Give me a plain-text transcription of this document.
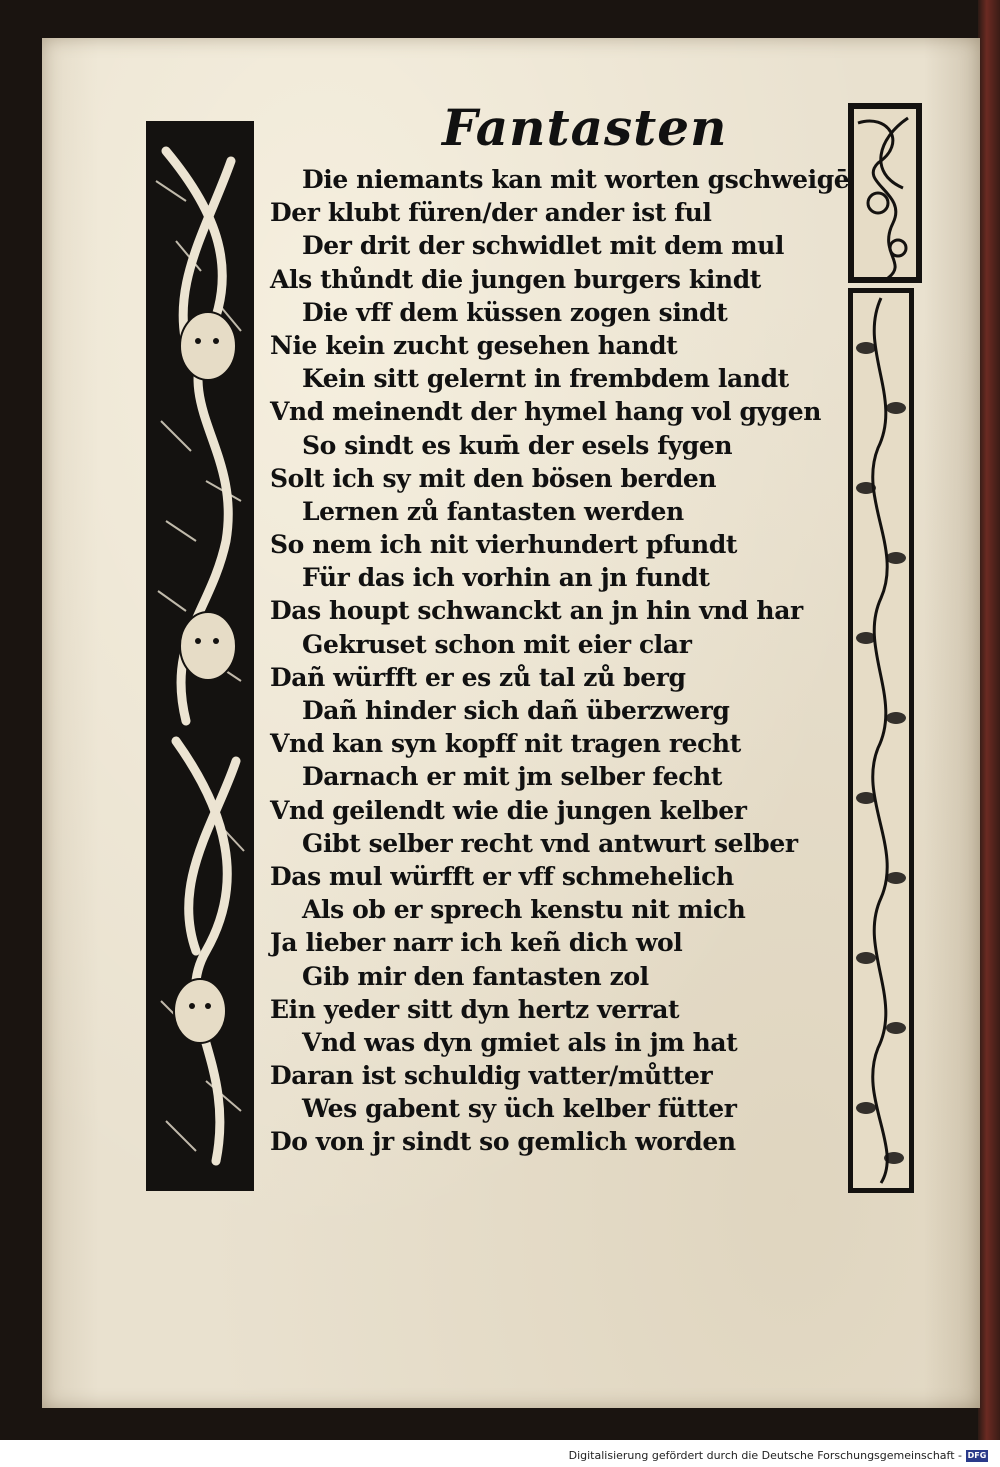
Fantasten
Die niemants kan mit worten gschweigē
Der klubt füren/der ander ist ful
Der drit der schwidlet mit dem mul
Als thůndt die jungen burgers kindt
Die vff dem küssen zogen sindt
Nie kein zucht gesehen handt
Kein sitt gelernt in frembdem landt
Vnd meinendt der hymel hang vol gygen
So sindt es kum̄ der esels fygen
Solt ich sy mit den bösen berden
Lernen zů fantasten werden
So nem ich nit vierhundert pfundt
Für das ich vorhin an jn fundt
Das houpt schwanckt an jn hin vnd har
Gekruset schon mit eier clar
Dañ würfft er es zů tal zů berg
Dañ hinder sich dañ überzwerg
Vnd kan syn kopff nit tragen recht
Darnach er mit jm selber fecht
Vnd geilendt wie die jungen kelber
Gibt selber recht vnd antwurt selber
Das mul würfft er vff schmehelich
Als ob er sprech kenstu nit mich
Ja lieber narr ich keñ dich wol
Gib mir den fantasten zol
Ein yeder sitt dyn hertz verrat
Vnd was dyn gmiet als in jm hat
Daran ist schuldig vatter/můtter
Wes gabent sy üch kelber fütter
Do von jr sindt so gemlich worden
Digitalisierung gefördert durch die Deutsche Forschungsgemeinschaft - DFG
